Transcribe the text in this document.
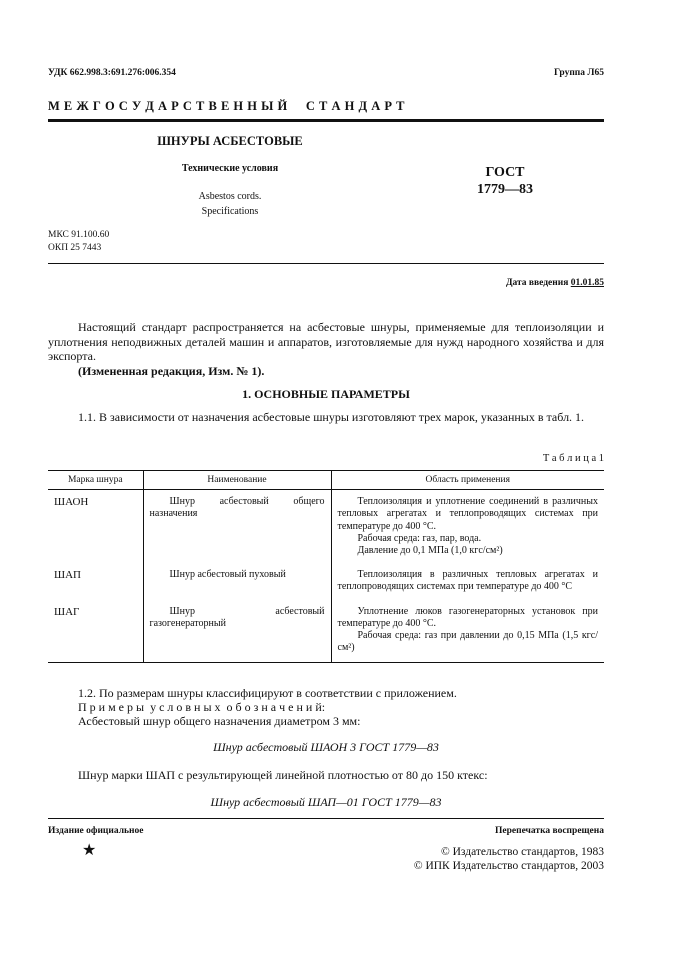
УДК 662.998.3:691.276:006.354	Группа Л65
М Е Ж Г О С У Д А Р С Т В Е Н Н Ы Й     С Т А Н Д А Р Т
ШНУРЫ АСБЕСТОВЫЕ
Технические условия
Asbestos cords.
Specifications
ГОСТ
1779—83
МКС 91.100.60
ОКП 25 7443
Дата введения 01.01.85
Настоящий стандарт распространяется на асбестовые шнуры, применяемые для теплоизоляции и уплотнения неподвижных деталей машин и аппаратов, изготовляемые для нужд народного хозяйства и для экспорта.
(Измененная редакция, Изм. № 1).
1. ОСНОВНЫЕ ПАРАМЕТРЫ
1.1. В зависимости от назначения асбестовые шнуры изготовляют трех марок, указанных в табл. 1.
Т а б л и ц а 1
Марка шнура	Наименование	Область применения
ШАОН	Шнур асбестовый общего назначения	Теплоизоляция и уплотнение соединений в различных тепловых агрегатах и теплопроводящих системах при температуре до 400 °С.

Рабочая среда: газ, пар, вода.

Давление до 0,1 МПа (1,0 кгс/см²)

ШАП	Шнур асбестовый пуховый	Теплоизоляция в различных тепловых агрегатах и теплопроводящих системах при температуре до 400 °С

ШАГ	Шнур асбестовый газогенераторный	Уплотнение люков газогенераторных установок при температуре до 400 °С.

Рабочая среда: газ при давлении до 0,15 МПа (1,5 кгс/см²)

1.2. По размерам шнуры классифицируют в соответствии с приложением.
П р и м е р ы  у с л о в н ы х  о б о з н а ч е н и й:
Асбестовый шнур общего назначения диаметром 3 мм:
Шнур асбестовый ШАОН 3 ГОСТ 1779—83
Шнур марки ШАП с результирующей линейной плотностью от 80 до 150 ктекс:
Шнур асбестовый ШАП—01 ГОСТ 1779—83
Издание официальное	Перепечатка воспрещена
★	© Издательство стандартов, 1983
© ИПК Издательство стандартов, 2003
